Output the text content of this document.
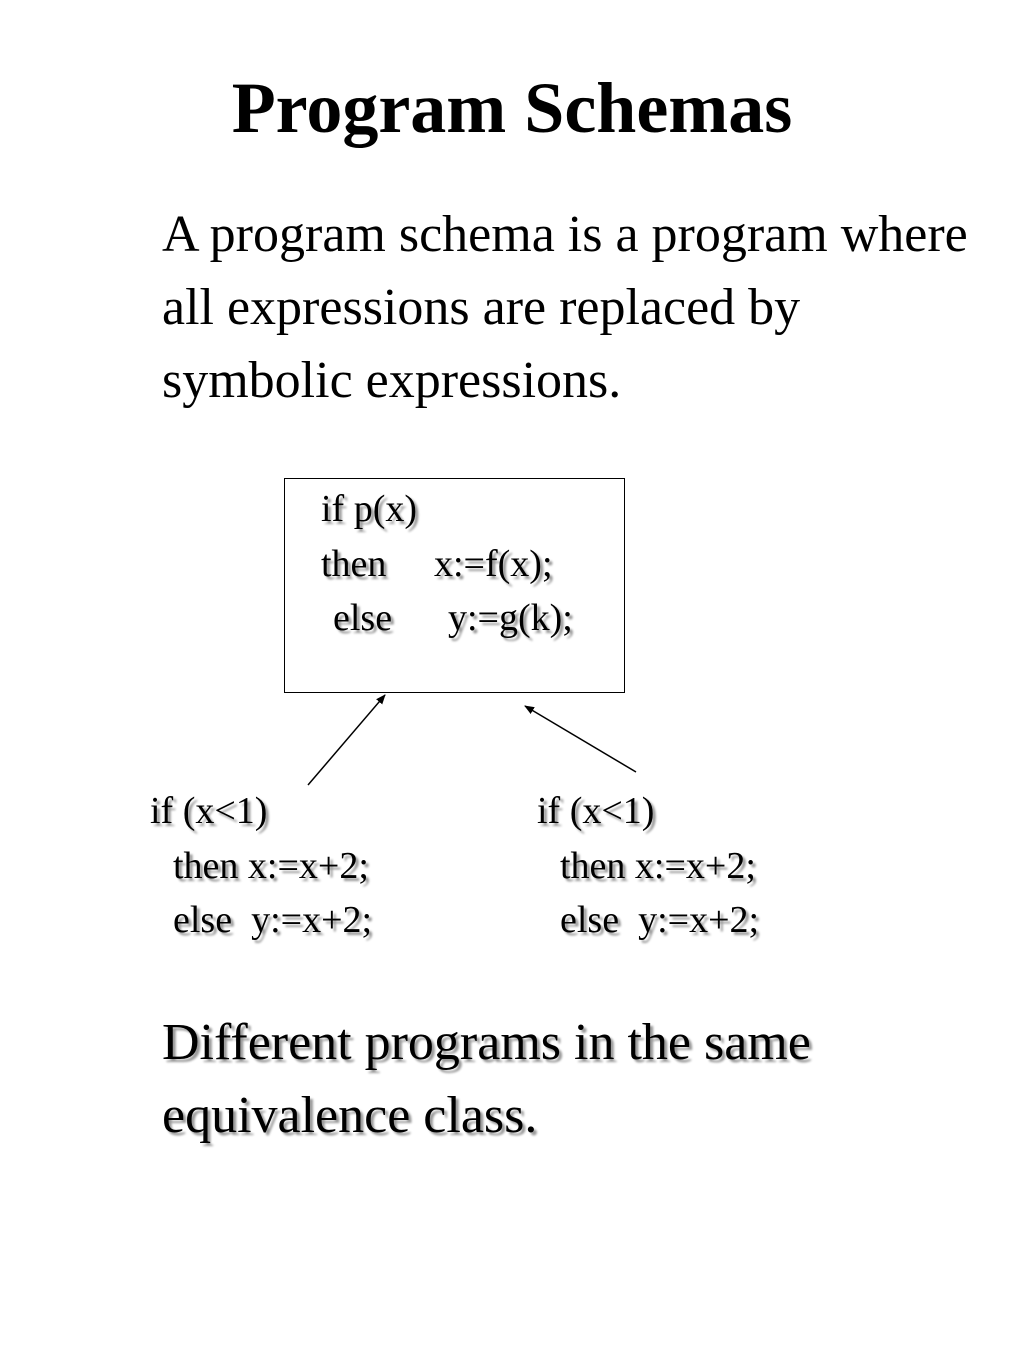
Program Schemas

A program schema is a program where all expressions are replaced by symbolic expressions.

if p(x)
then x:=f(x);
else y:=g(k);
if (x<1)
then x:=x+2;
else  y:=x+2;
if (x<1)
then x:=x+2;
else  y:=x+2;

Different programs in the same equivalence class.
